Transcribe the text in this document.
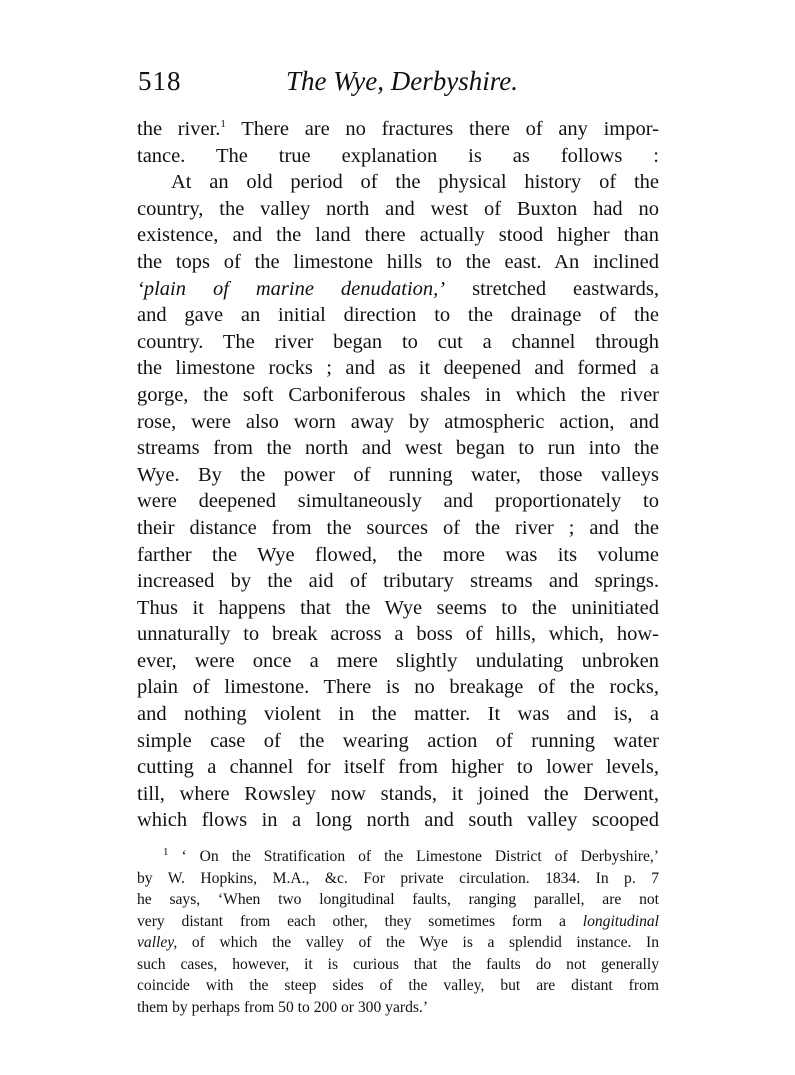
518	The Wye, Derbyshire.
the river.$^1$ There are no fractures there of any impor-
tance. The true explanation is as follows :
At an old period of the physical history of the
country, the valley north and west of Buxton had no
existence, and the land there actually stood higher than
the tops of the limestone hills to the east. An inclined
‘plain of marine denudation,’ stretched eastwards,
and gave an initial direction to the drainage of the
country. The river began to cut a channel through
the limestone rocks ; and as it deepened and formed a
gorge, the soft Carboniferous shales in which the river
rose, were also worn away by atmospheric action, and
streams from the north and west began to run into the
Wye. By the power of running water, those valleys
were deepened simultaneously and proportionately to
their distance from the sources of the river ; and the
farther the Wye flowed, the more was its volume
increased by the aid of tributary streams and springs.
Thus it happens that the Wye seems to the uninitiated
unnaturally to break across a boss of hills, which, how-
ever, were once a mere slightly undulating unbroken
plain of limestone. There is no breakage of the rocks,
and nothing violent in the matter. It was and is, a
simple case of the wearing action of running water
cutting a channel for itself from higher to lower levels,
till, where Rowsley now stands, it joined the Derwent,
which flows in a long north and south valley scooped
$^1$ ‘ On the Stratification of the Limestone District of Derbyshire,’
by W. Hopkins, M.A., &c. For private circulation. 1834. In p. 7
he says, ‘When two longitudinal faults, ranging parallel, are not
very distant from each other, they sometimes form a longitudinal
valley, of which the valley of the Wye is a splendid instance. In
such cases, however, it is curious that the faults do not generally
coincide with the steep sides of the valley, but are distant from
them by perhaps from 50 to 200 or 300 yards.’
